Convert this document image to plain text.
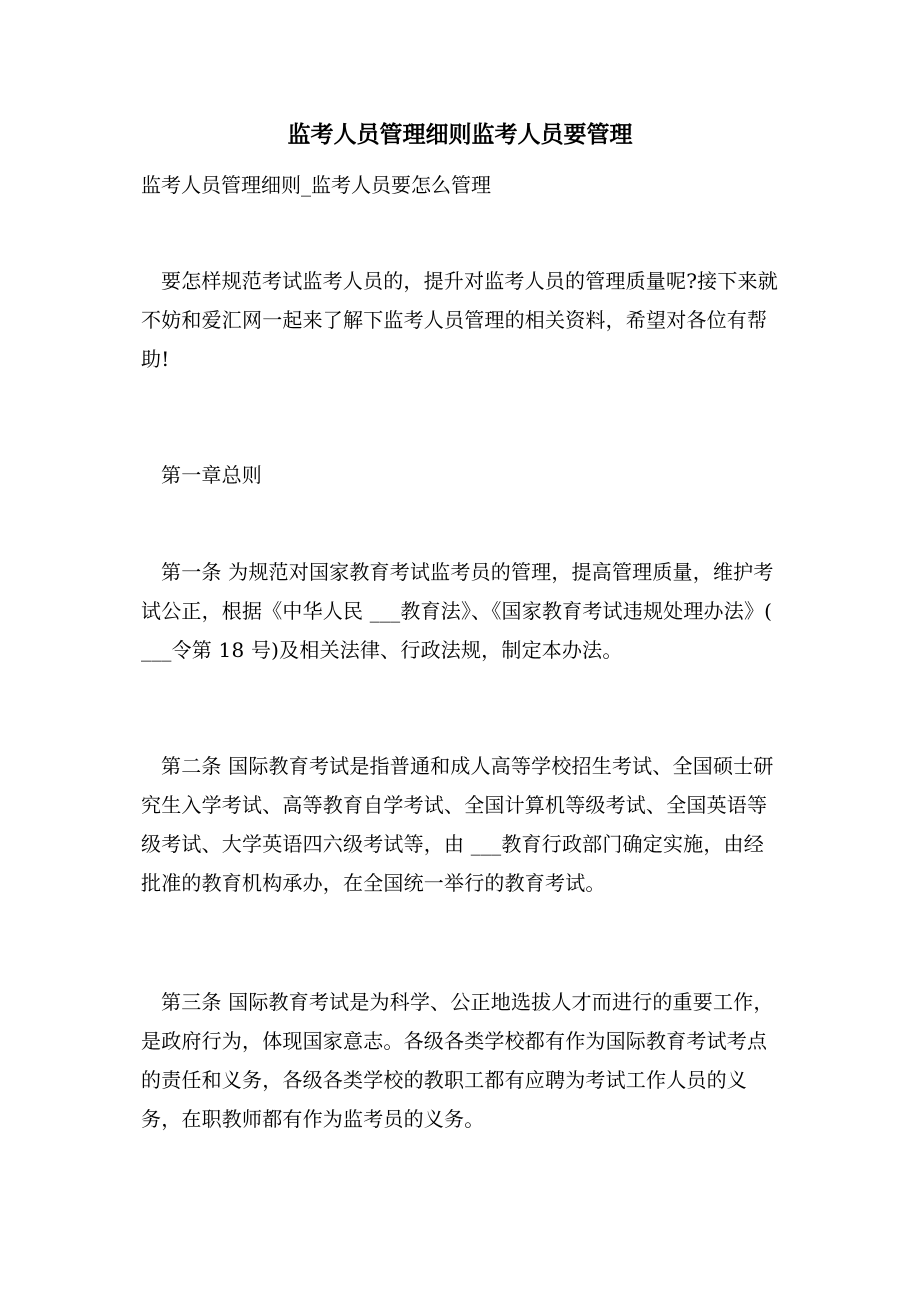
监考人员管理细则监考人员要管理

监考人员管理细则_监考人员要怎么管理

要怎样规范考试监考人员的，提升对监考人员的管理质量呢?接下来就不妨和爱汇网一起来了解下监考人员管理的相关资料，希望对各位有帮助!

第一章总则

第一条 为规范对国家教育考试监考员的管理，提高管理质量，维护考试公正，根据《中华人民 ___教育法》、《国家教育考试违规处理办法》( ___令第 18 号)及相关法律、行政法规，制定本办法。

第二条 国际教育考试是指普通和成人高等学校招生考试、全国硕士研究生入学考试、高等教育自学考试、全国计算机等级考试、全国英语等级考试、大学英语四六级考试等，由 ___教育行政部门确定实施，由经批准的教育机构承办，在全国统一举行的教育考试。

第三条 国际教育考试是为科学、公正地选拔人才而进行的重要工作，是政府行为，体现国家意志。各级各类学校都有作为国际教育考试考点的责任和义务，各级各类学校的教职工都有应聘为考试工作人员的义务，在职教师都有作为监考员的义务。
